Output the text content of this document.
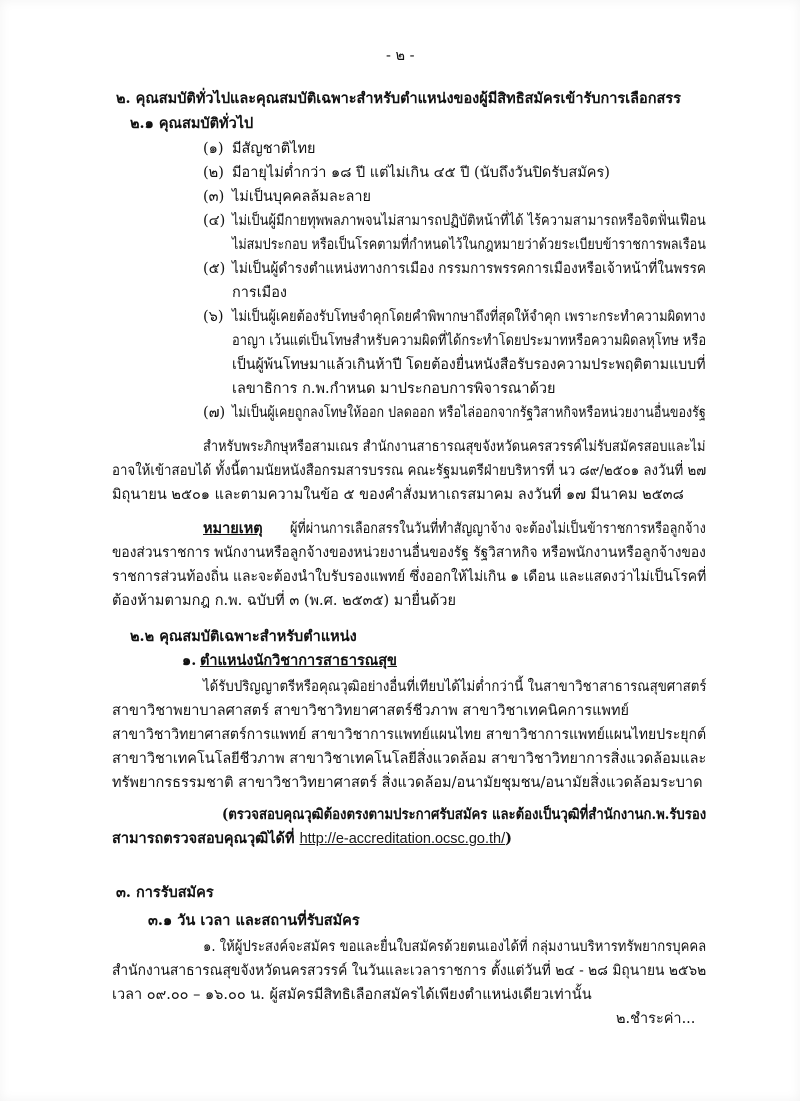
- ๒ -
๒. คุณสมบัติทั่วไปและคุณสมบัติเฉพาะสำหรับตำแหน่งของผู้มีสิทธิสมัครเข้ารับการเลือกสรร
๒.๑ คุณสมบัติทั่วไป
(๑) มีสัญชาติไทย
(๒) มีอายุไม่ต่ำกว่า ๑๘ ปี แต่ไม่เกิน ๔๕ ปี (นับถึงวันปิดรับสมัคร)
(๓) ไม่เป็นบุคคลล้มละลาย
(๔) ไม่เป็นผู้มีกายทุพพลภาพจนไม่สามารถปฏิบัติหน้าที่ได้ ไร้ความสามารถหรือจิตฟั่นเฟือน
ไม่สมประกอบ หรือเป็นโรคตามที่กำหนดไว้ในกฎหมายว่าด้วยระเบียบข้าราชการพลเรือน
(๕) ไม่เป็นผู้ดำรงตำแหน่งทางการเมือง กรรมการพรรคการเมืองหรือเจ้าหน้าที่ในพรรค
การเมือง
(๖) ไม่เป็นผู้เคยต้องรับโทษจำคุกโดยคำพิพากษาถึงที่สุดให้จำคุก เพราะกระทำความผิดทาง
อาญา เว้นแต่เป็นโทษสำหรับความผิดที่ได้กระทำโดยประมาทหรือความผิดลหุโทษ หรือ
เป็นผู้พ้นโทษมาแล้วเกินห้าปี โดยต้องยื่นหนังสือรับรองความประพฤติตามแบบที่
เลขาธิการ ก.พ.กำหนด มาประกอบการพิจารณาด้วย
(๗) ไม่เป็นผู้เคยถูกลงโทษให้ออก ปลดออก หรือไล่ออกจากรัฐวิสาหกิจหรือหน่วยงานอื่นของรัฐ
สำหรับพระภิกษุหรือสามเณร สำนักงานสาธารณสุขจังหวัดนครสวรรค์ไม่รับสมัครสอบและไม่
อาจให้เข้าสอบได้ ทั้งนี้ตามนัยหนังสือกรมสารบรรณ คณะรัฐมนตรีฝ่ายบริหารที่ นว ๘๙/๒๕๐๑ ลงวันที่ ๒๗
มิถุนายน ๒๕๐๑ และตามความในข้อ ๕ ของคำสั่งมหาเถรสมาคม ลงวันที่ ๑๗ มีนาคม ๒๕๓๘
หมายเหตุ ผู้ที่ผ่านการเลือกสรรในวันที่ทำสัญญาจ้าง จะต้องไม่เป็นข้าราชการหรือลูกจ้าง
ของส่วนราชการ พนักงานหรือลูกจ้างของหน่วยงานอื่นของรัฐ รัฐวิสาหกิจ หรือพนักงานหรือลูกจ้างของ
ราชการส่วนท้องถิ่น และจะต้องนำใบรับรองแพทย์ ซึ่งออกให้ไม่เกิน ๑ เดือน และแสดงว่าไม่เป็นโรคที่
ต้องห้ามตามกฎ ก.พ. ฉบับที่ ๓ (พ.ศ. ๒๕๓๕) มายื่นด้วย
๒.๒ คุณสมบัติเฉพาะสำหรับตำแหน่ง
๑. ตำแหน่งนักวิชาการสาธารณสุข
ได้รับปริญญาตรีหรือคุณวุฒิอย่างอื่นที่เทียบได้ไม่ต่ำกว่านี้ ในสาขาวิชาสาธารณสุขศาสตร์
สาขาวิชาพยาบาลศาสตร์ สาขาวิชาวิทยาศาสตร์ชีวภาพ สาขาวิชาเทคนิคการแพทย์
สาขาวิชาวิทยาศาสตร์การแพทย์ สาขาวิชาการแพทย์แผนไทย สาขาวิชาการแพทย์แผนไทยประยุกต์
สาขาวิชาเทคโนโลยีชีวภาพ สาขาวิชาเทคโนโลยีสิ่งแวดล้อม สาขาวิชาวิทยาการสิ่งแวดล้อมและ
ทรัพยากรธรรมชาติ สาขาวิชาวิทยาศาสตร์ สิ่งแวดล้อม/อนามัยชุมชน/อนามัยสิ่งแวดล้อมระบาด
(ตรวจสอบคุณวุฒิต้องตรงตามประกาศรับสมัคร และต้องเป็นวุฒิที่สำนักงานก.พ.รับรอง
สามารถตรวจสอบคุณวุฒิได้ที่ http://e-accreditation.ocsc.go.th/)
๓. การรับสมัคร
๓.๑ วัน เวลา และสถานที่รับสมัคร
๑. ให้ผู้ประสงค์จะสมัคร ขอและยื่นใบสมัครด้วยตนเองได้ที่ กลุ่มงานบริหารทรัพยากรบุคคล
สำนักงานสาธารณสุขจังหวัดนครสวรรค์ ในวันและเวลาราชการ ตั้งแต่วันที่ ๒๔ - ๒๘ มิถุนายน ๒๕๖๒
เวลา ๐๙.๐๐ – ๑๖.๐๐ น. ผู้สมัครมีสิทธิเลือกสมัครได้เพียงตำแหน่งเดียวเท่านั้น
๒.ชำระค่า...
